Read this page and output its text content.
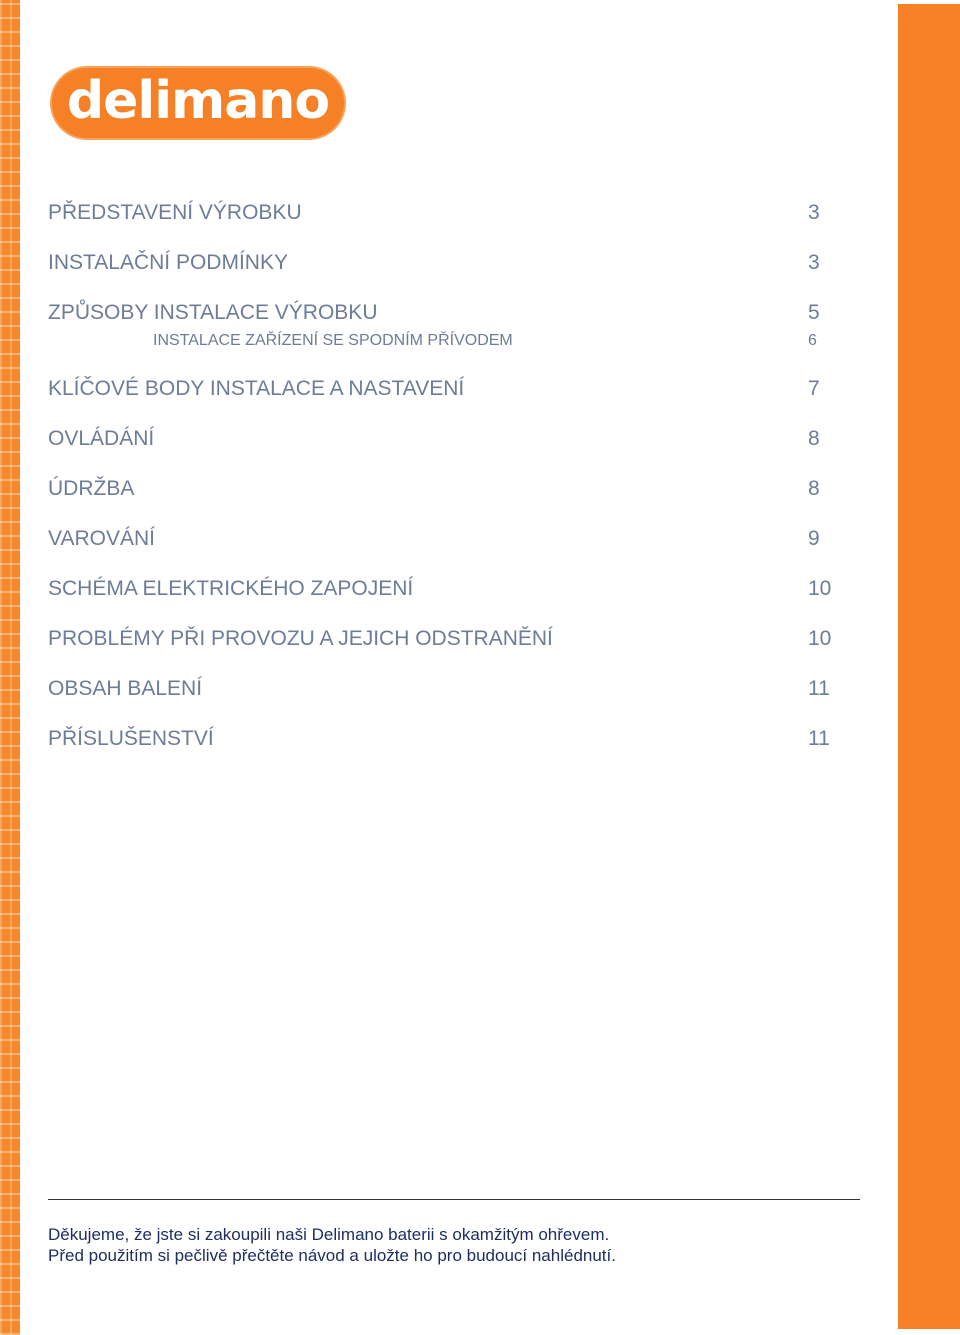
delimano	®
PŘEDSTAVENÍ VÝROBKU	3
INSTALAČNÍ PODMÍNKY	3
ZPŮSOBY INSTALACE VÝROBKU	5
INSTALACE ZAŘÍZENÍ SE SPODNÍM PŘÍVODEM	6
KLÍČOVÉ BODY INSTALACE A NASTAVENÍ	7
OVLÁDÁNÍ	8
ÚDRŽBA	8
VAROVÁNÍ	9
SCHÉMA ELEKTRICKÉHO ZAPOJENÍ	10
PROBLÉMY PŘI PROVOZU A JEJICH ODSTRANĚNÍ	10
OBSAH BALENÍ	11
PŘÍSLUŠENSTVÍ	11
Děkujeme, že jste si zakoupili naši Delimano baterii s okamžitým ohřevem.
Před použitím si pečlivě přečtěte návod a uložte ho pro budoucí nahlédnutí.
